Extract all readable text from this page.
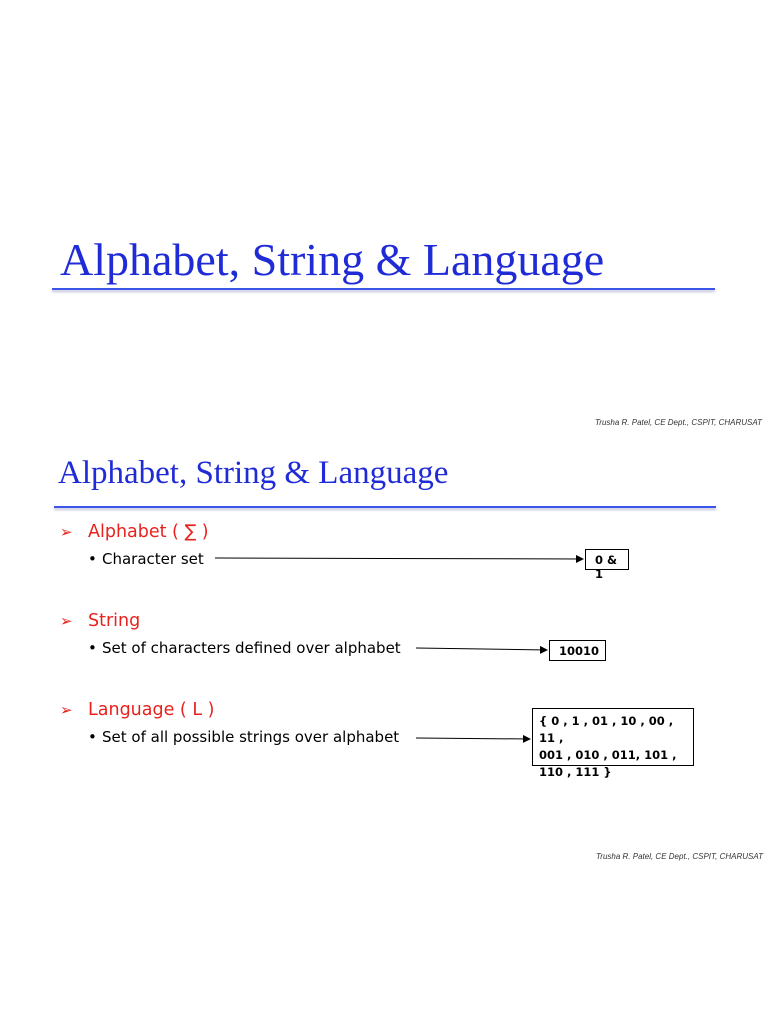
Alphabet, String & Language
Trusha R. Patel, CE Dept., CSPIT, CHARUSAT
Alphabet, String & Language
➢ Alphabet ( ∑ )
• Character set	0 & 1
➢ String
• Set of characters defined over alphabet	10010
➢ Language ( L )
• Set of all possible strings over alphabet
{ 0 , 1 , 01 , 10 , 00 , 11 ,
001 , 010 , 011, 101 ,
110 , 111 }
Trusha R. Patel, CE Dept., CSPIT, CHARUSAT
